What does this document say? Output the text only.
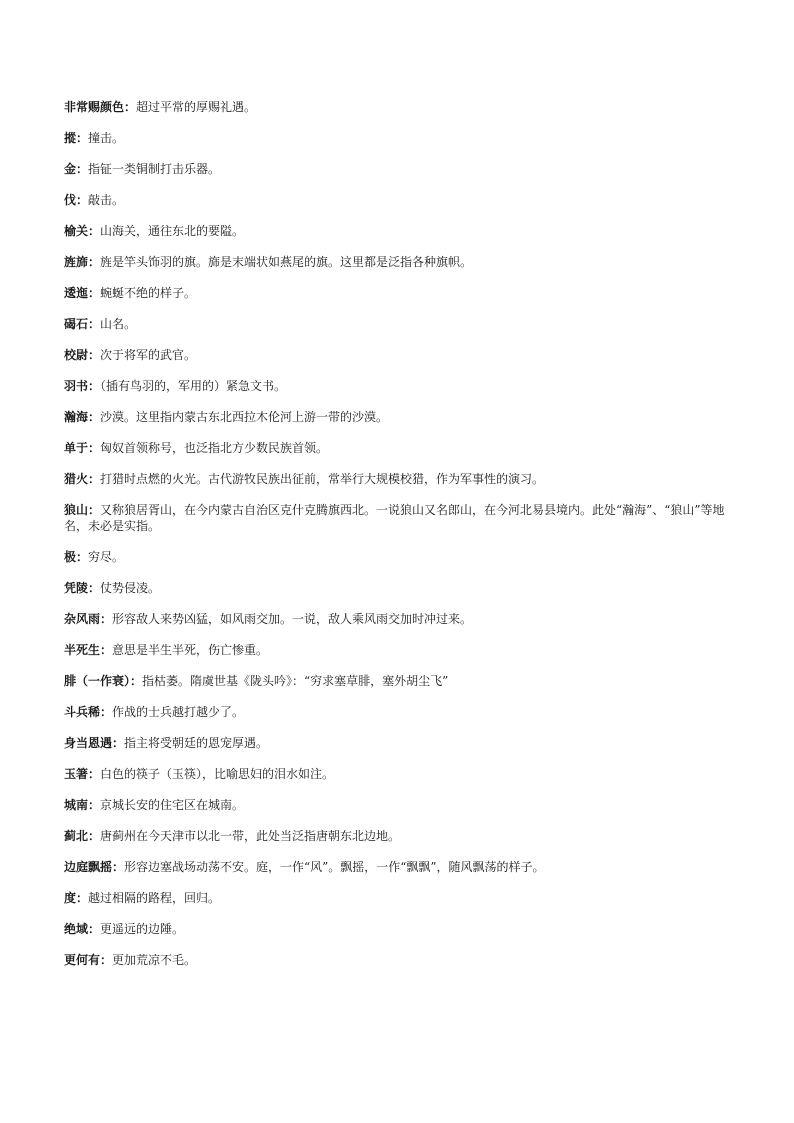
非常赐颜色：超过平常的厚赐礼遇。

摐：撞击。

金：指钲一类铜制打击乐器。

伐：敲击。

榆关：山海关，通往东北的要隘。

旌旆：旌是竿头饰羽的旗。旆是末端状如燕尾的旗。这里都是泛指各种旗帜。

逶迤：蜿蜒不绝的样子。

碣石：山名。

校尉：次于将军的武官。

羽书：（插有鸟羽的，军用的）紧急文书。

瀚海：沙漠。这里指内蒙古东北西拉木伦河上游一带的沙漠。

单于：匈奴首领称号，也泛指北方少数民族首领。

猎火：打猎时点燃的火光。古代游牧民族出征前，常举行大规模校猎，作为军事性的演习。

狼山：又称狼居胥山，在今内蒙古自治区克什克腾旗西北。一说狼山又名郎山，在今河北易县境内。此处“瀚海”、“狼山”等地名，未必是实指。

极：穷尽。

凭陵：仗势侵凌。

杂风雨：形容敌人来势凶猛，如风雨交加。一说，敌人乘风雨交加时冲过来。

半死生：意思是半生半死，伤亡惨重。

腓（一作衰）：指枯萎。隋虞世基《陇头吟》：“穷求塞草腓，塞外胡尘飞”

斗兵稀：作战的士兵越打越少了。

身当恩遇：指主将受朝廷的恩宠厚遇。

玉箸：白色的筷子（玉筷），比喻思妇的泪水如注。

城南：京城长安的住宅区在城南。

蓟北：唐蓟州在今天津市以北一带，此处当泛指唐朝东北边地。

边庭飘摇：形容边塞战场动荡不安。庭，一作“风”。飘摇，一作“飘飘”，随风飘荡的样子。

度：越过相隔的路程，回归。

绝域：更遥远的边陲。

更何有：更加荒凉不毛。
